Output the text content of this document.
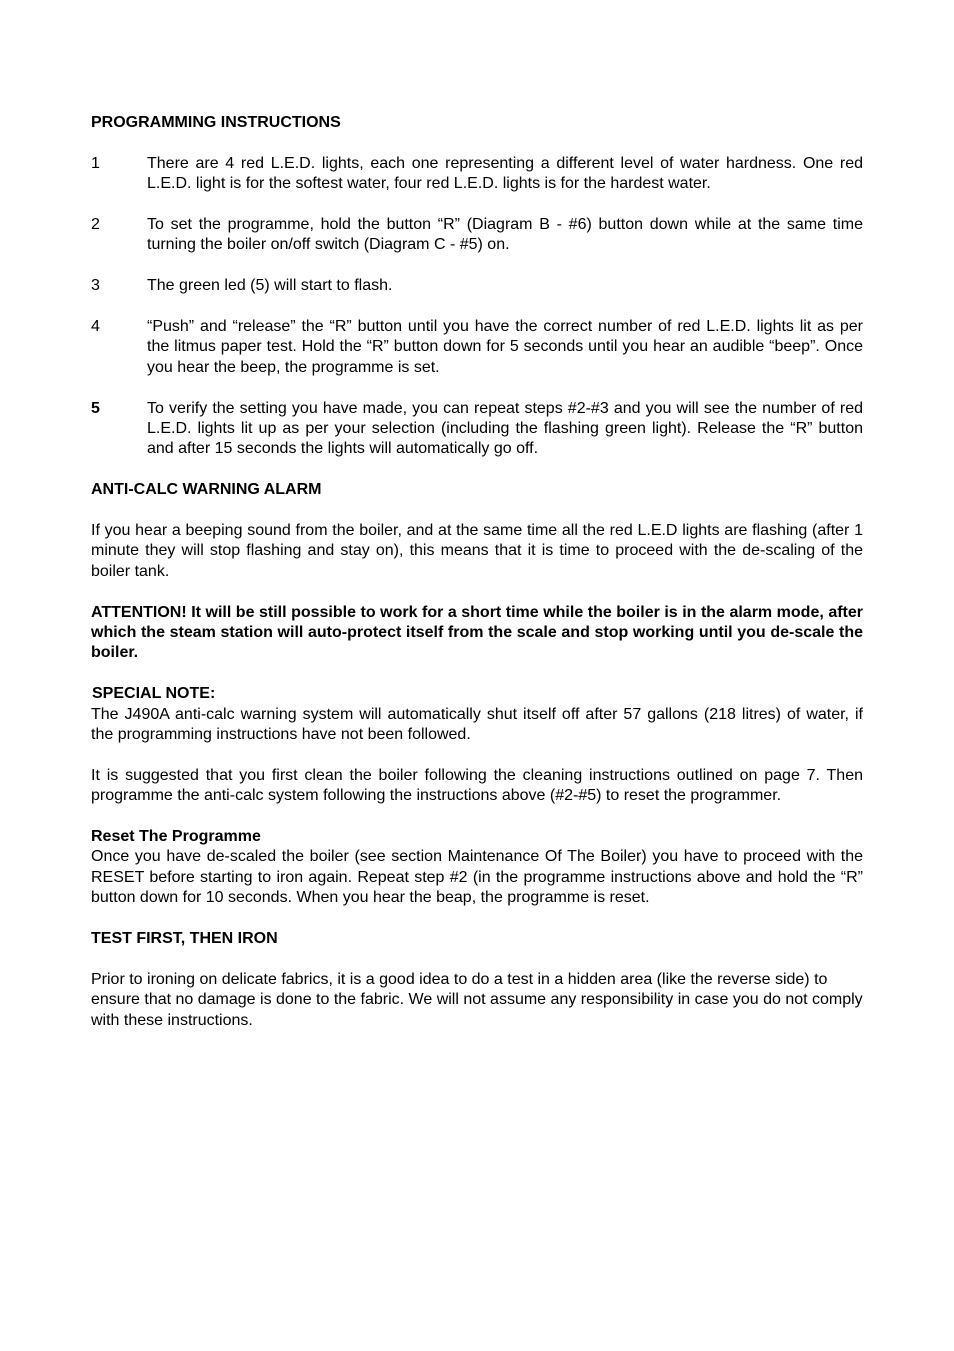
PROGRAMMING INSTRUCTIONS
1	There are 4 red L.E.D. lights, each one representing a different level of water hardness. One red L.E.D. light is for the softest water, four red L.E.D. lights is for the hardest water.
2	To set the programme, hold the button “R” (Diagram B - #6) button down while at the same time turning the boiler on/off switch (Diagram C - #5) on.
3	The green led (5) will start to flash.
4	“Push” and “release” the “R” button until you have the correct number of red L.E.D. lights lit as per the litmus paper test. Hold the “R” button down for 5 seconds until you hear an audible “beep”. Once you hear the beep, the programme is set.
5	To verify the setting you have made, you can repeat steps #2-#3 and you will see the number of red L.E.D. lights lit up as per your selection (including the flashing green light). Release the “R” button and after 15 seconds the lights will automatically go off.
ANTI-CALC WARNING ALARM

If you hear a beeping sound from the boiler, and at the same time all the red L.E.D lights are flashing (after 1 minute they will stop flashing and stay on), this means that it is time to proceed with the de-scaling of the boiler tank.

ATTENTION! It will be still possible to work for a short time while the boiler is in the alarm mode, after which the steam station will auto-protect itself from the scale and stop working until you de-scale the boiler.

SPECIAL NOTE:

The J490A anti-calc warning system will automatically shut itself off after 57 gallons (218 litres) of water, if the programming instructions have not been followed.

It is suggested that you first clean the boiler following the cleaning instructions outlined on page 7. Then programme the anti-calc system following the instructions above (#2-#5) to reset the programmer.

Reset The Programme

Once you have de-scaled the boiler (see section Maintenance Of The Boiler) you have to proceed with the RESET before starting to iron again. Repeat step #2 (in the programme instructions above and hold the “R” button down for 10 seconds. When you hear the beap, the programme is reset.

TEST FIRST, THEN IRON

Prior to ironing on delicate fabrics, it is a good idea to do a test in a hidden area (like the reverse side) to ensure that no damage is done to the fabric. We will not assume any responsibility in case you do not comply with these instructions.
